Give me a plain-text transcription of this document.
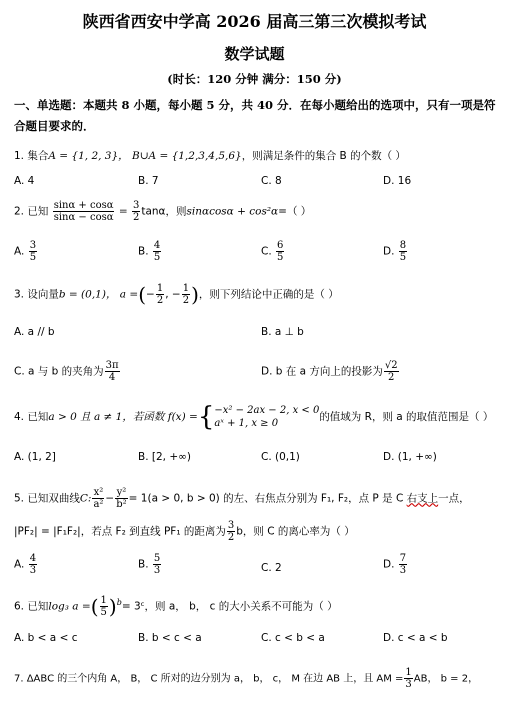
陕西省西安中学高 2026 届高三第三次模拟考试
数学试题
(时长：120 分钟 满分：150 分)
一、单选题：本题共 8 小题，每小题 5 分，共 40 分．在每小题给出的选项中，只有一项是符合题目要求的．
1. 集合A = {1, 2, 3}， B∪A = {1,2,3,4,5,6}，则满足条件的集合 B 的个数（ ）
A. 4	B. 7	C. 8	D. 16
2. 已知 $\frac{\sin\alpha + \cos\alpha}{\sin\alpha - \cos\alpha} = \frac{3}{2}$ tanα，则sinαcosα + cos²α=（ ）
A. $\frac{3}{5}$	B. $\frac{4}{5}$	C. $\frac{6}{5}$	D. $\frac{8}{5}$
3. 设向量b = (0,1)， a =(− $\frac{1}{2}$ , − $\frac{1}{2}$ )，则下列结论中正确的是（ ）
A. a // b	B. a ⊥ b
C. a 与 b 的夹角为 $\frac{3\pi}{4}$	D. b 在 a 方向上的投影为 $\frac{√2}{2}$
4. 已知a > 0 且 a ≠ 1，若函数 f(x) ={ −x² − 2ax − 2, x < 0
aˣ + 1, x ≥ 0
的值域为 R，则 a 的取值范围是（ ）
A. (1, 2]	B. [2, +∞)	C. (0,1)	D. (1, +∞)
5. 已知双曲线C: $\frac{\text{x²}}{\text{a²}} - \frac{\text{y²}}{\text{b²}} = 1(a > 0$, b > 0) 的左、右焦点分别为 F₁, F₂，点 P 是 C 右支上一点，
|PF₂| = |F₁F₂|，若点 F₂ 到直线 PF₁ 的距离为 $\frac{3}{2}$ b，则 C 的离心率为（ ）
A. $\frac{4}{3}$	B. $\frac{5}{3}$	C. 2	D. $\frac{7}{3}$
6. 已知log₃ a =( $\frac{1}{5} )^b=$ 3ᶜ，则 a， b， c 的大小关系不可能为（ ）
A. b < a < c	B. b < c < a	C. c < b < a	D. c < a < b
7. ΔABC 的三个内角 A， B， C 所对的边分别为 a， b， c， M 在边 AB 上，且 AM = $\frac{1}{3}$ AB， b = 2，
